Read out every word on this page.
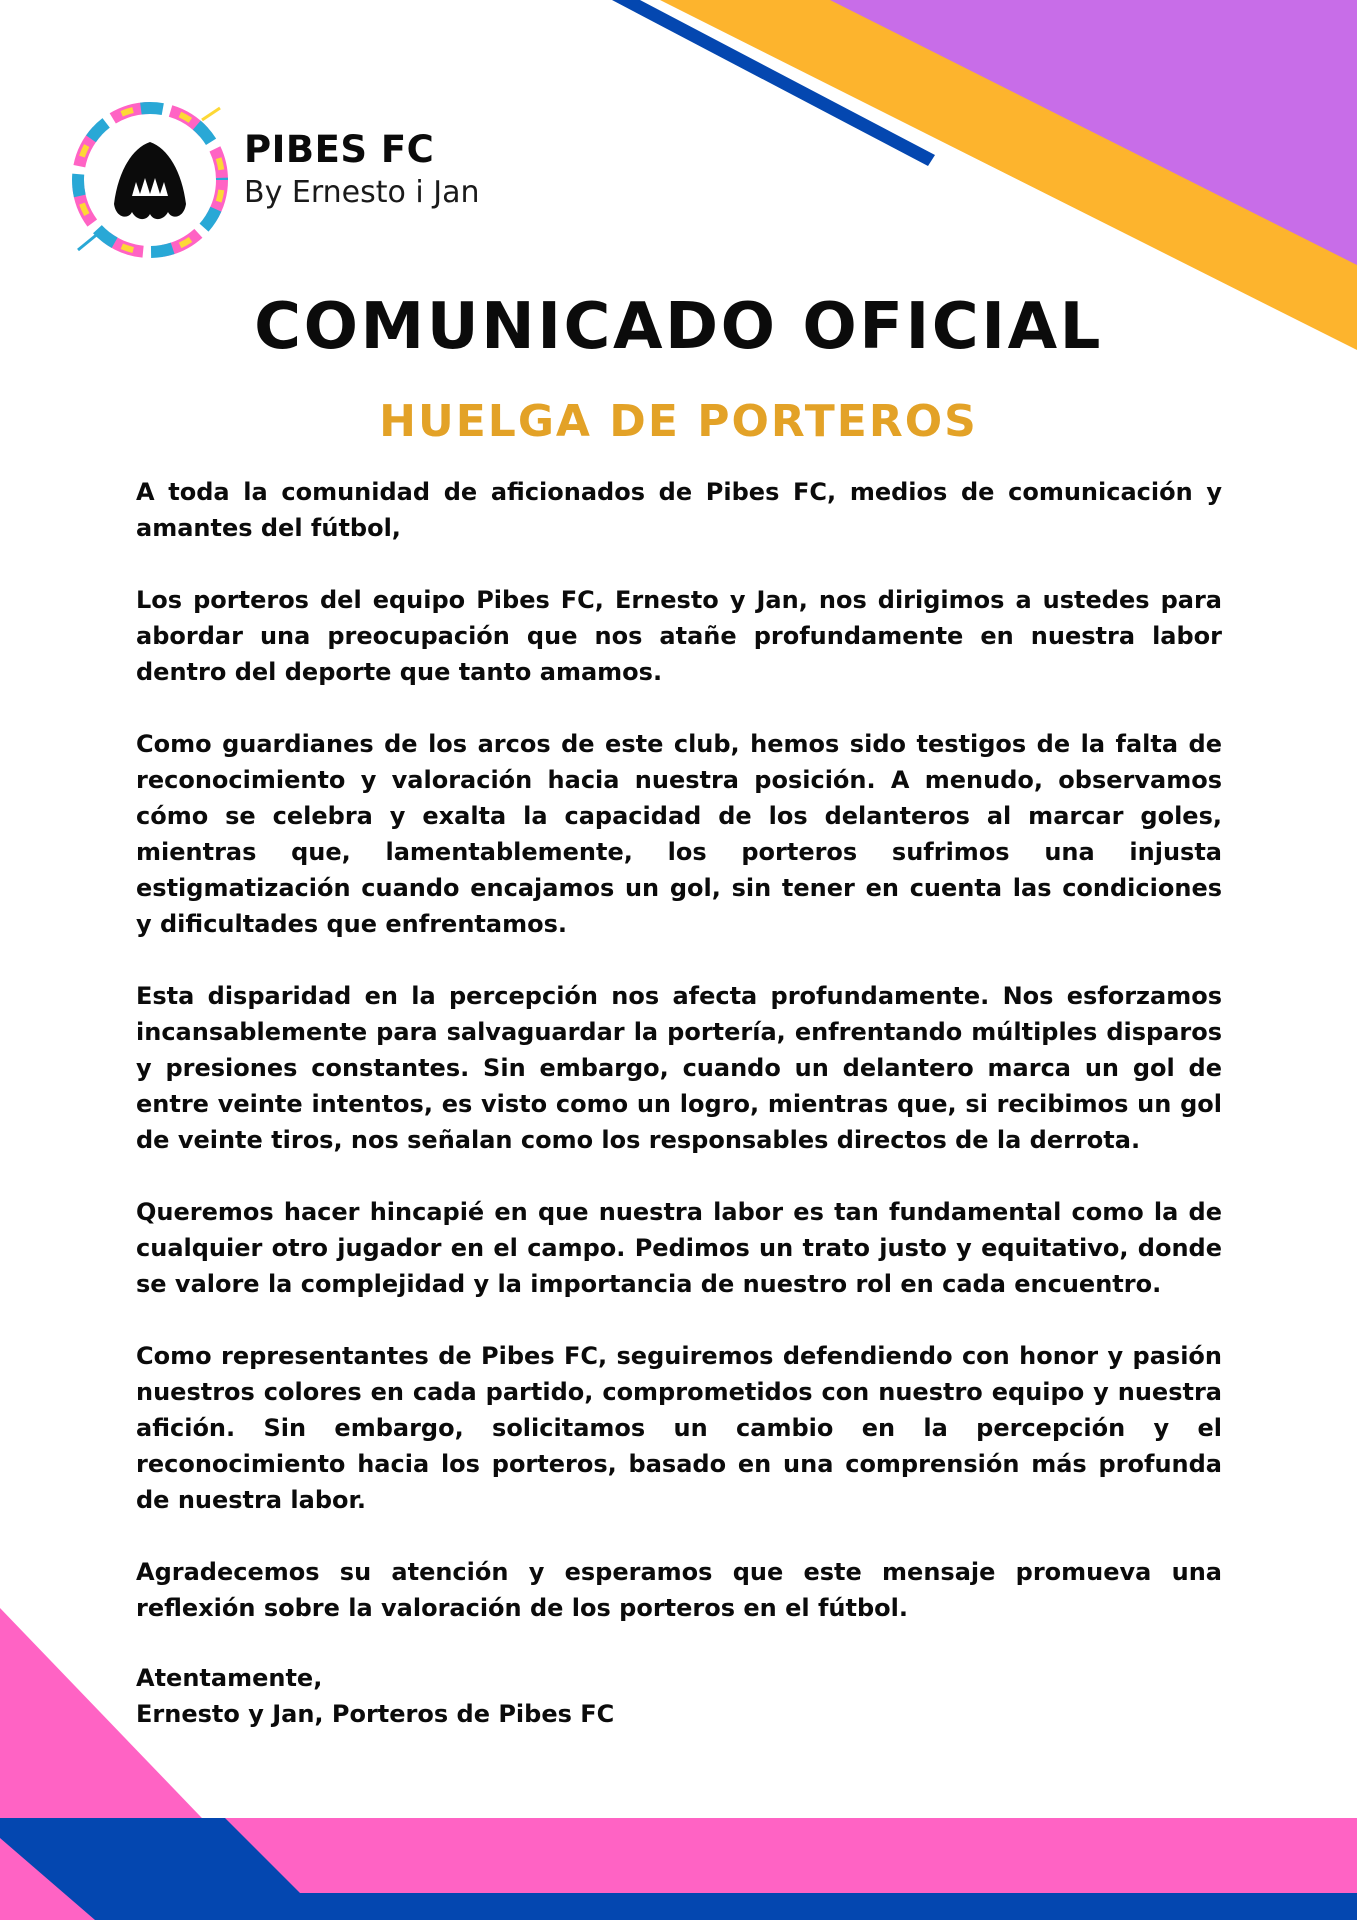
PIBES FC
By Ernesto i Jan
COMUNICADO OFICIAL
HUELGA DE PORTEROS

A toda la comunidad de aficionados de Pibes FC, medios de comunicación y amantes del fútbol,

Los porteros del equipo Pibes FC, Ernesto y Jan, nos dirigimos a ustedes para abordar una preocupación que nos atañe profundamente en nuestra labor dentro del deporte que tanto amamos.

Como guardianes de los arcos de este club, hemos sido testigos de la falta de reconocimiento y valoración hacia nuestra posición. A menudo, observamos cómo se celebra y exalta la capacidad de los delanteros al marcar goles, mientras que, lamentablemente, los porteros sufrimos una injusta estigmatización cuando encajamos un gol, sin tener en cuenta las condiciones y dificultades que enfrentamos.

Esta disparidad en la percepción nos afecta profundamente. Nos esforzamos incansablemente para salvaguardar la portería, enfrentando múltiples disparos y presiones constantes. Sin embargo, cuando un delantero marca un gol de entre veinte intentos, es visto como un logro, mientras que, si recibimos un gol de veinte tiros, nos señalan como los responsables directos de la derrota.

Queremos hacer hincapié en que nuestra labor es tan fundamental como la de cualquier otro jugador en el campo. Pedimos un trato justo y equitativo, donde se valore la complejidad y la importancia de nuestro rol en cada encuentro.

Como representantes de Pibes FC, seguiremos defendiendo con honor y pasión nuestros colores en cada partido, comprometidos con nuestro equipo y nuestra afición. Sin embargo, solicitamos un cambio en la percepción y el reconocimiento hacia los porteros, basado en una comprensión más profunda de nuestra labor.

Agradecemos su atención y esperamos que este mensaje promueva una reflexión sobre la valoración de los porteros en el fútbol.

Atentamente,
Ernesto y Jan, Porteros de Pibes FC
